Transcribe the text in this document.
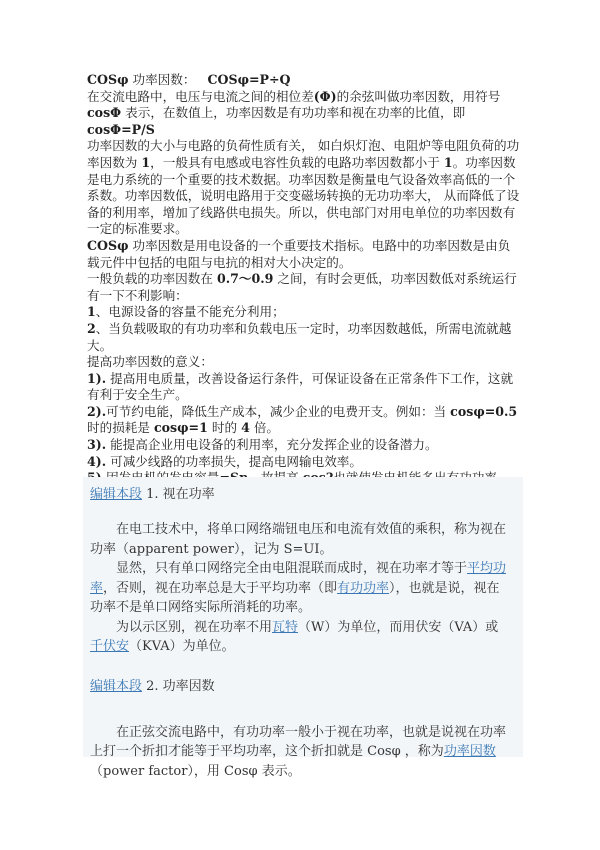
COSφ 功率因数： COSφ=P÷Q

在交流电路中，电压与电流之间的相位差(Φ)的余弦叫做功率因数，用符号 cosΦ 表示，在数值上，功率因数是有功功率和视在功率的比值，即 cosΦ=P/S

功率因数的大小与电路的负荷性质有关， 如白炽灯泡、电阻炉等电阻负荷的功率因数为 1，一般具有电感或电容性负载的电路功率因数都小于 1。功率因数是电力系统的一个重要的技术数据。功率因数是衡量电气设备效率高低的一个系数。功率因数低，说明电路用于交变磁场转换的无功功率大， 从而降低了设备的利用率，增加了线路供电损失。所以，供电部门对用电单位的功率因数有一定的标准要求。

COSφ 功率因数是用电设备的一个重要技术指标。电路中的功率因数是由负载元件中包括的电阻与电抗的相对大小决定的。

一般负载的功率因数在 0.7～0.9 之间，有时会更低，功率因数低对系统运行有一下不利影响：

1、电源设备的容量不能充分利用；

2、当负载吸取的有功功率和负载电压一定时，功率因数越低，所需电流就越大。

提高功率因数的意义：

1). 提高用电质量，改善设备运行条件，可保证设备在正常条件下工作，这就有利于安全生产。

2).可节约电能，降低生产成本，减少企业的电费开支。例如：当 cosφ=0.5 时的损耗是 cosφ=1 时的 4 倍。

3). 能提高企业用电设备的利用率，充分发挥企业的设备潜力。

4). 可减少线路的功率损失，提高电网输电效率。

编辑本段 1. 视在功率

在电工技术中，将单口网络端钮电压和电流有效值的乘积，称为视在功率（apparent power），记为 S=UI。

显然，只有单口网络完全由电阻混联而成时，视在功率才等于平均功率，否则，视在功率总是大于平均功率（即有功功率），也就是说，视在功率不是单口网络实际所消耗的功率。

为以示区别，视在功率不用瓦特（W）为单位，而用伏安（VA）或千伏安（KVA）为单位。

编辑本段 2. 功率因数

在正弦交流电路中，有功功率一般小于视在功率，也就是说视在功率上打一个折扣才能等于平均功率，这个折扣就是 Cosφ ，称为功率因数（power factor），用 Cosφ 表示。
